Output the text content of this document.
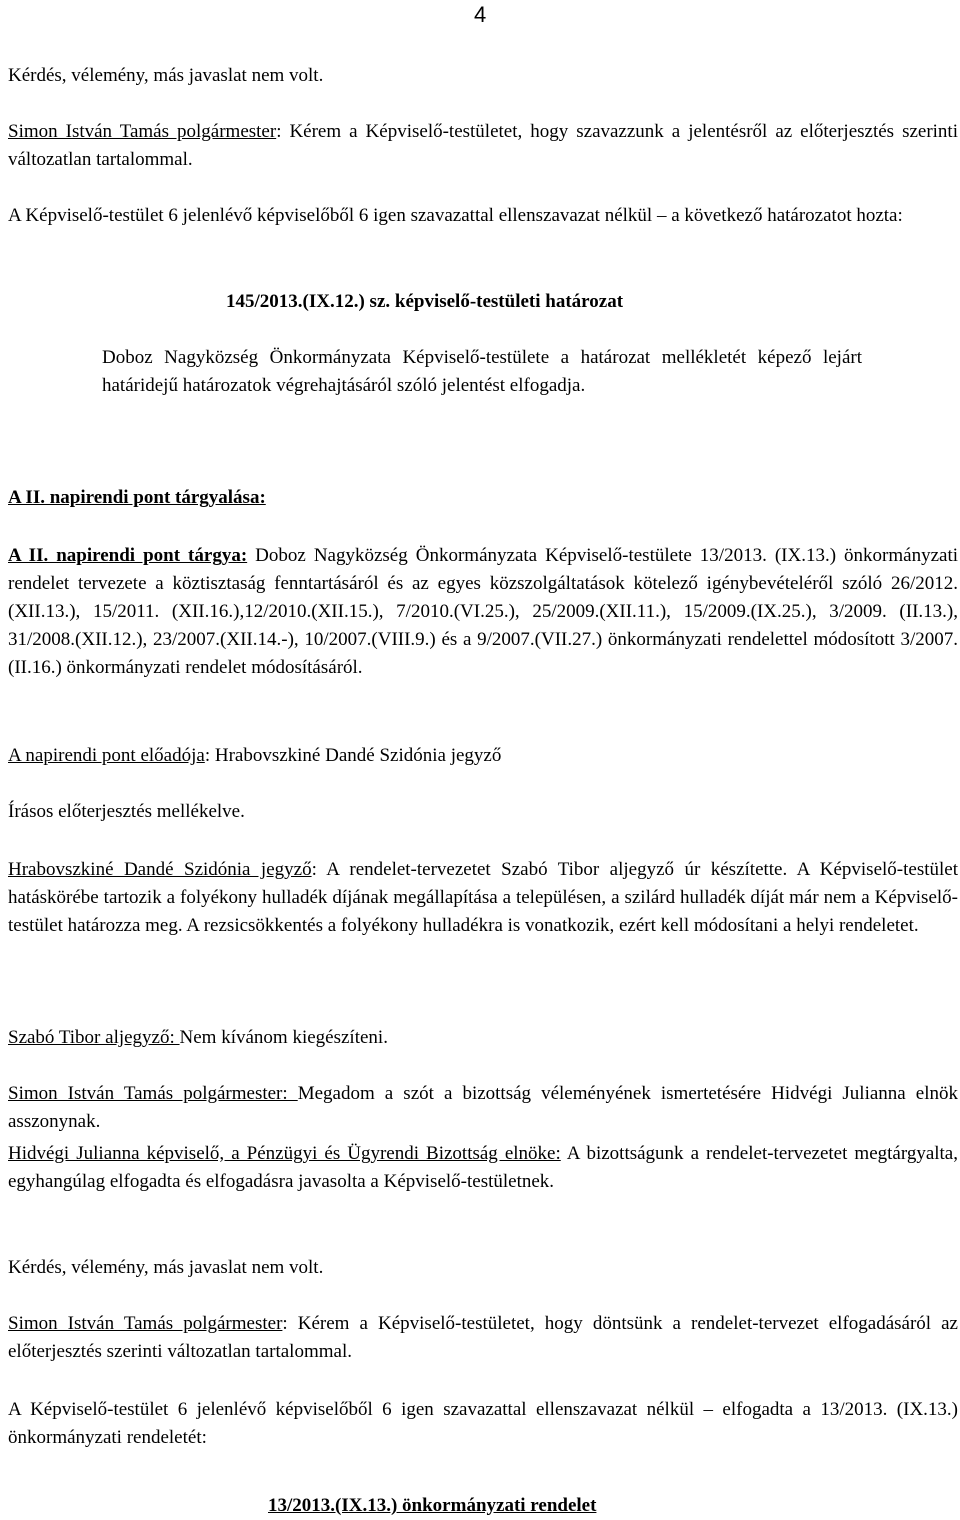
4

Kérdés, vélemény, más javaslat nem volt.

Simon István Tamás polgármester: Kérem a Képviselő-testületet, hogy szavazzunk a jelentésről az előterjesztés szerinti változatlan tartalommal.

A Képviselő-testület 6 jelenlévő képviselőből 6 igen szavazattal ellenszavazat nélkül – a következő határozatot hozta:

145/2013.(IX.12.) sz. képviselő-testületi határozat

Doboz Nagyközség Önkormányzata Képviselő-testülete a határozat mellékletét képező lejárt határidejű határozatok végrehajtásáról szóló jelentést elfogadja.

A II. napirendi pont tárgyalása:

A II. napirendi pont tárgya: Doboz Nagyközség Önkormányzata Képviselő-testülete 13/2013. (IX.13.) önkormányzati rendelet tervezete a köztisztaság fenntartásáról és az egyes közszolgáltatások kötelező igénybevételéről szóló 26/2012.(XII.13.), 15/2011. (XII.16.),12/2010.(XII.15.), 7/2010.(VI.25.), 25/2009.(XII.11.), 15/2009.(IX.25.), 3/2009. (II.13.), 31/2008.(XII.12.), 23/2007.(XII.14.-), 10/2007.(VIII.9.) és a 9/2007.(VII.27.) önkormányzati rendelettel módosított 3/2007.(II.16.) önkormányzati rendelet módosításáról.

A napirendi pont előadója: Hrabovszkiné Dandé Szidónia jegyző

Írásos előterjesztés mellékelve.

Hrabovszkiné Dandé Szidónia jegyző: A rendelet-tervezetet Szabó Tibor aljegyző úr készítette. A Képviselő-testület hatáskörébe tartozik a folyékony hulladék díjának megállapítása a településen, a szilárd hulladék díját már nem a Képviselő-testület határozza meg. A rezsicsökkentés a folyékony hulladékra is vonatkozik, ezért kell módosítani a helyi rendeletet.

Szabó Tibor aljegyző: Nem kívánom kiegészíteni.

Simon István Tamás polgármester: Megadom a szót a bizottság véleményének ismertetésére Hidvégi Julianna elnök asszonynak.

Hidvégi Julianna képviselő, a Pénzügyi és Ügyrendi Bizottság elnöke: A bizottságunk a rendelet-tervezetet megtárgyalta, egyhangúlag elfogadta és elfogadásra javasolta a Képviselő-testületnek.

Kérdés, vélemény, más javaslat nem volt.

Simon István Tamás polgármester: Kérem a Képviselő-testületet, hogy döntsünk a rendelet-tervezet elfogadásáról az előterjesztés szerinti változatlan tartalommal.

A Képviselő-testület 6 jelenlévő képviselőből 6 igen szavazattal ellenszavazat nélkül – elfogadta a 13/2013. (IX.13.) önkormányzati rendeletét:

13/2013.(IX.13.) önkormányzati rendelet
